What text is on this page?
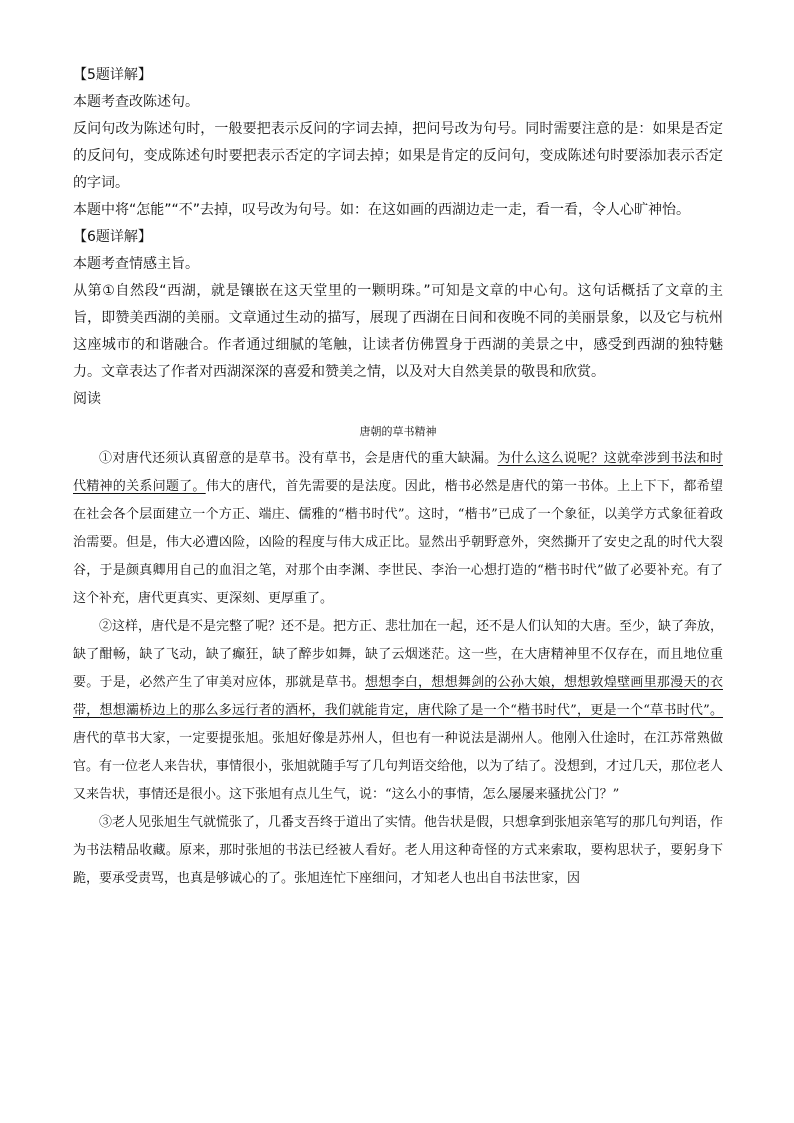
【5题详解】

本题考查改陈述句。

反问句改为陈述句时，一般要把表示反问的字词去掉，把问号改为句号。同时需要注意的是：如果是否定的反问句，变成陈述句时要把表示否定的字词去掉；如果是肯定的反问句，变成陈述句时要添加表示否定的字词。

本题中将“怎能”“不”去掉，叹号改为句号。如：在这如画的西湖边走一走，看一看，令人心旷神怡。

【6题详解】

本题考查情感主旨。

从第①自然段“西湖，就是镶嵌在这天堂里的一颗明珠。”可知是文章的中心句。这句话概括了文章的主旨，即赞美西湖的美丽。文章通过生动的描写，展现了西湖在日间和夜晚不同的美丽景象，以及它与杭州这座城市的和谐融合。作者通过细腻的笔触，让读者仿佛置身于西湖的美景之中，感受到西湖的独特魅力。文章表达了作者对西湖深深的喜爱和赞美之情，以及对大自然美景的敬畏和欣赏。

阅读

唐朝的草书精神

①对唐代还须认真留意的是草书。没有草书，会是唐代的重大缺漏。为什么这么说呢？这就牵涉到书法和时代精神的关系问题了。伟大的唐代，首先需要的是法度。因此，楷书必然是唐代的第一书体。上上下下，都希望在社会各个层面建立一个方正、端庄、儒雅的“楷书时代”。这时，“楷书”已成了一个象征，以美学方式象征着政治需要。但是，伟大必遭凶险，凶险的程度与伟大成正比。显然出乎朝野意外，突然撕开了安史之乱的时代大裂谷，于是颜真卿用自己的血泪之笔，对那个由李渊、李世民、李治一心想打造的“楷书时代”做了必要补充。有了这个补充，唐代更真实、更深刻、更厚重了。

②这样，唐代是不是完整了呢？还不是。把方正、悲壮加在一起，还不是人们认知的大唐。至少，缺了奔放，缺了酣畅，缺了飞动，缺了癫狂，缺了醉步如舞，缺了云烟迷茫。这一些，在大唐精神里不仅存在，而且地位重要。于是，必然产生了审美对应体，那就是草书。想想李白，想想舞剑的公孙大娘，想想敦煌壁画里那漫天的衣带，想想灞桥边上的那么多远行者的酒杯，我们就能肯定，唐代除了是一个“楷书时代”，更是一个“草书时代”。唐代的草书大家，一定要提张旭。张旭好像是苏州人，但也有一种说法是湖州人。他刚入仕途时，在江苏常熟做官。有一位老人来告状，事情很小，张旭就随手写了几句判语交给他，以为了结了。没想到，才过几天，那位老人又来告状，事情还是很小。这下张旭有点儿生气，说：“这么小的事情，怎么屡屡来骚扰公门？”

③老人见张旭生气就慌张了，几番支吾终于道出了实情。他告状是假，只想拿到张旭亲笔写的那几句判语，作为书法精品收藏。原来，那时张旭的书法已经被人看好。老人用这种奇怪的方式来索取，要构思状子，要躬身下跪，要承受责骂，也真是够诚心的了。张旭连忙下座细问，才知老人也出自书法世家，因
